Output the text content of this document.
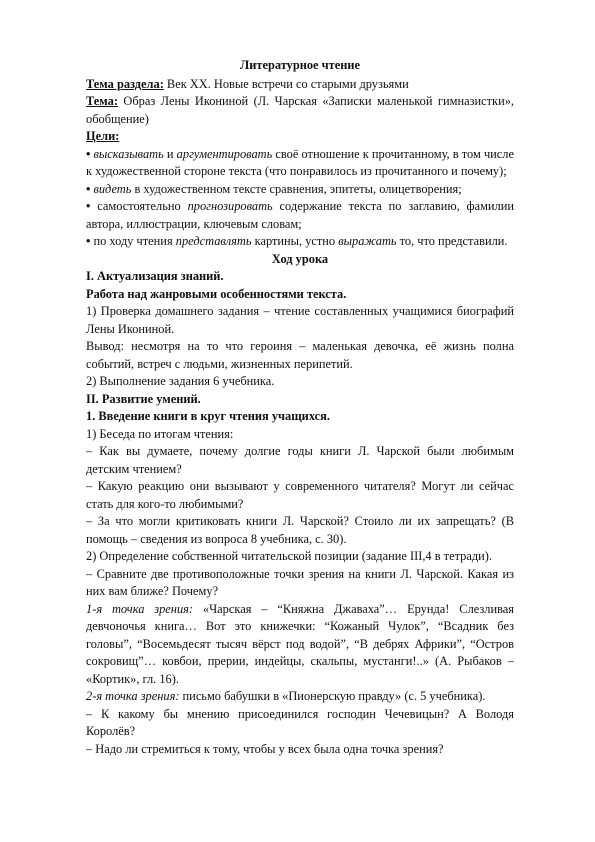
Литературное чтение

Тема раздела: Век XX. Новые встречи со старыми друзьями

Тема: Образ Лены Икониной (Л. Чарская «Записки маленькой гимназистки», обобщение)

Цели:

• высказывать и аргументировать своё отношение к прочитанному, в том числе к художественной стороне текста (что понравилось из прочитанного и почему);

• видеть в художественном тексте сравнения, эпитеты, олицетворения;

• самостоятельно прогнозировать содержание текста по заглавию, фамилии автора, иллюстрации, ключевым словам;

• по ходу чтения представлять картины, устно выражать то, что представили.

Ход урока

I. Актуализация знаний.

Работа над жанровыми особенностями текста.

1) Проверка домашнего задания – чтение составленных учащимися биографий Лены Икониной.

Вывод: несмотря на то что героиня – маленькая девочка, её жизнь полна событий, встреч с людьми, жизненных перипетий.

2) Выполнение задания 6 учебника.

II. Развитие умений.

1. Введение книги в круг чтения учащихся.

1) Беседа по итогам чтения:

– Как вы думаете, почему долгие годы книги Л. Чарской были любимым детским чтением?

– Какую реакцию они вызывают у современного читателя? Могут ли сейчас стать для кого-то любимыми?

– За что могли критиковать книги Л. Чарской? Стоило ли их запрещать? (В помощь – сведения из вопроса 8 учебника, с. 30).

2) Определение собственной читательской позиции (задание III,4 в тетради).

– Сравните две противоположные точки зрения на книги Л. Чарской. Какая из них вам ближе? Почему?

1-я точка зрения: «Чарская – “Княжна Джаваха”… Ерунда! Слезливая девчоночья книга… Вот это книжечки: “Кожаный Чулок”, “Всадник без головы”, “Восемьдесят тысяч вёрст под водой”, “В дебрях Африки”, “Остров сокровищ”… ковбои, прерии, индейцы, скальпы, мустанги!..» (А. Рыбаков – «Кортик», гл. 16).

2-я точка зрения: письмо бабушки в «Пионерскую правду» (с. 5 учебника).

– К какому бы мнению присоединился господин Чечевицын? А Володя Королёв?

– Надо ли стремиться к тому, чтобы у всех была одна точка зрения?
